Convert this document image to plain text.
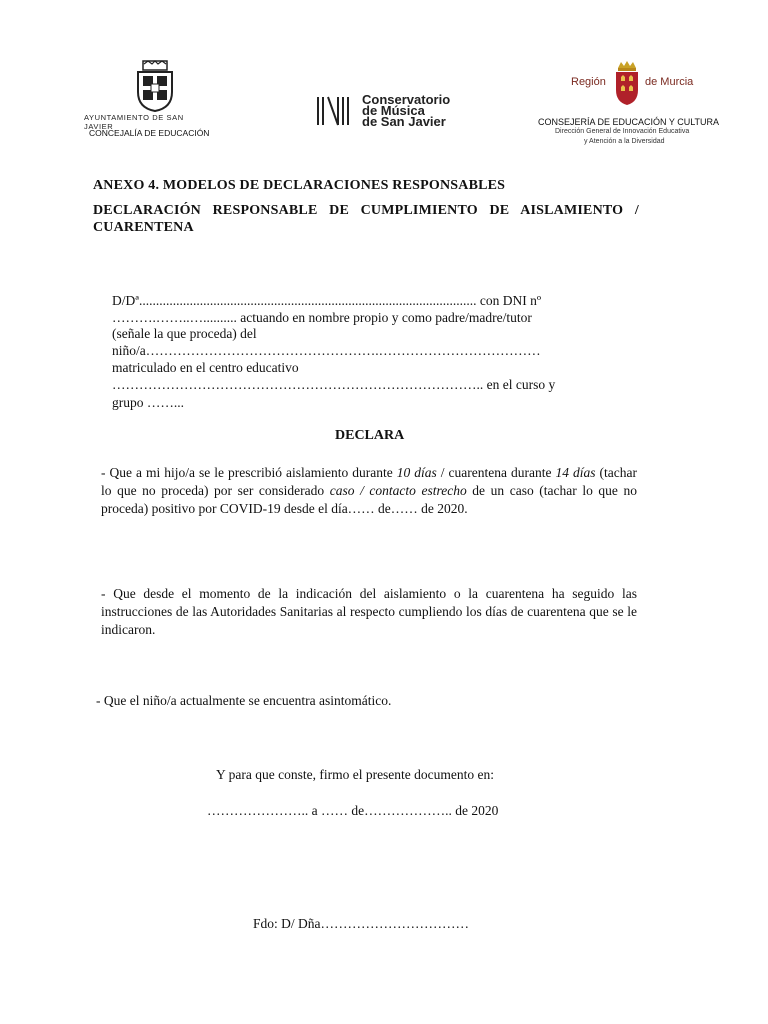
AYUNTAMIENTO DE SAN JAVIER
CONCEJALÍA DE EDUCACIÓN
Conservatorio
de Música
de San Javier
Región	de Murcia
CONSEJERÍA DE EDUCACIÓN Y CULTURA
Dirección General de Innovación Educativa
y Atención a la Diversidad
ANEXO 4. MODELOS DE DECLARACIONES RESPONSABLES
DECLARACIÓN RESPONSABLE DE CUMPLIMIENTO DE AISLAMIENTO / CUARENTENA
D/Dª.................................................................................................... con DNI nº
……….……..….......... actuando en nombre propio y como padre/madre/tutor
(señale la que proceda) del
niño/a…………………………………………….………………………………
matriculado en el centro educativo
……………………………………………………………………….. en el curso y
grupo ……...
DECLARA
- Que a mi hijo/a se le prescribió aislamiento durante 10 días / cuarentena durante 14 días (tachar lo que no proceda) por ser considerado caso / contacto estrecho de un caso (tachar lo que no proceda) positivo por COVID-19 desde el día…… de…… de 2020.
- Que desde el momento de la indicación del aislamiento o la cuarentena ha seguido las instrucciones de las Autoridades Sanitarias al respecto cumpliendo los días de cuarentena que se le indicaron.
- Que el niño/a actualmente se encuentra asintomático.
Y para que conste, firmo el presente documento en:
………………….. a …… de……………….. de 2020
Fdo: D/ Dña……………………………
